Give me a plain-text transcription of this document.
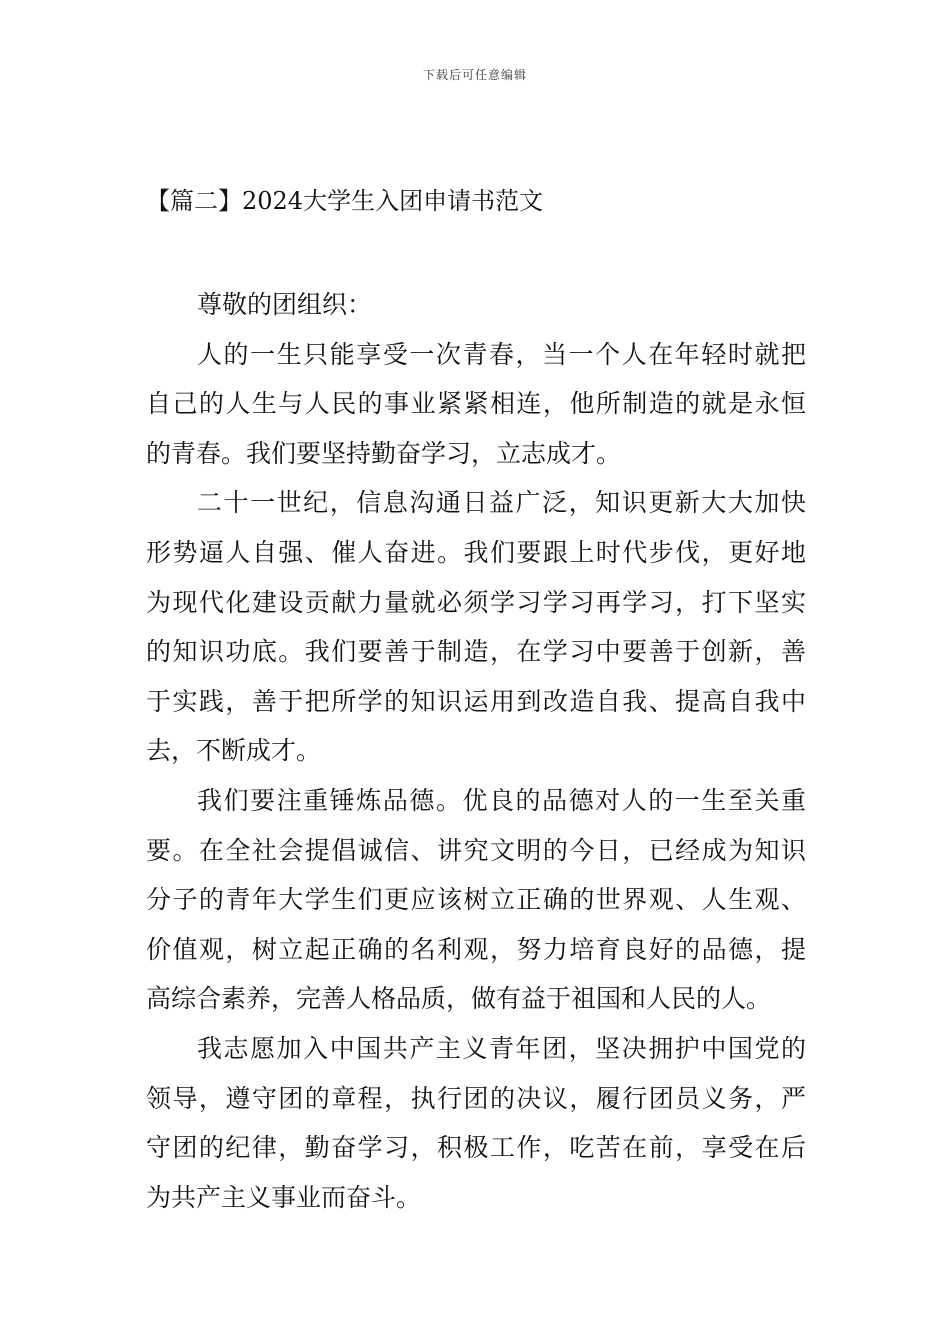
下载后可任意编辑
【篇二】2024大学生入团申请书范文

尊敬的团组织：

人的一生只能享受一次青春，当一个人在年轻时就把
自己的人生与人民的事业紧紧相连，他所制造的就是永恒
的青春。我们要坚持勤奋学习，立志成才。
二十一世纪，信息沟通日益广泛，知识更新大大加快
形势逼人自强、催人奋进。我们要跟上时代步伐，更好地
为现代化建设贡献力量就必须学习学习再学习，打下坚实
的知识功底。我们要善于制造，在学习中要善于创新，善
于实践，善于把所学的知识运用到改造自我、提高自我中
去，不断成才。
我们要注重锤炼品德。优良的品德对人的一生至关重
要。在全社会提倡诚信、讲究文明的今日，已经成为知识
分子的青年大学生们更应该树立正确的世界观、人生观、
价值观，树立起正确的名利观，努力培育良好的品德，提
高综合素养，完善人格品质，做有益于祖国和人民的人。
我志愿加入中国共产主义青年团，坚决拥护中国党的
领导，遵守团的章程，执行团的决议，履行团员义务，严
守团的纪律，勤奋学习，积极工作，吃苦在前，享受在后
为共产主义事业而奋斗。
